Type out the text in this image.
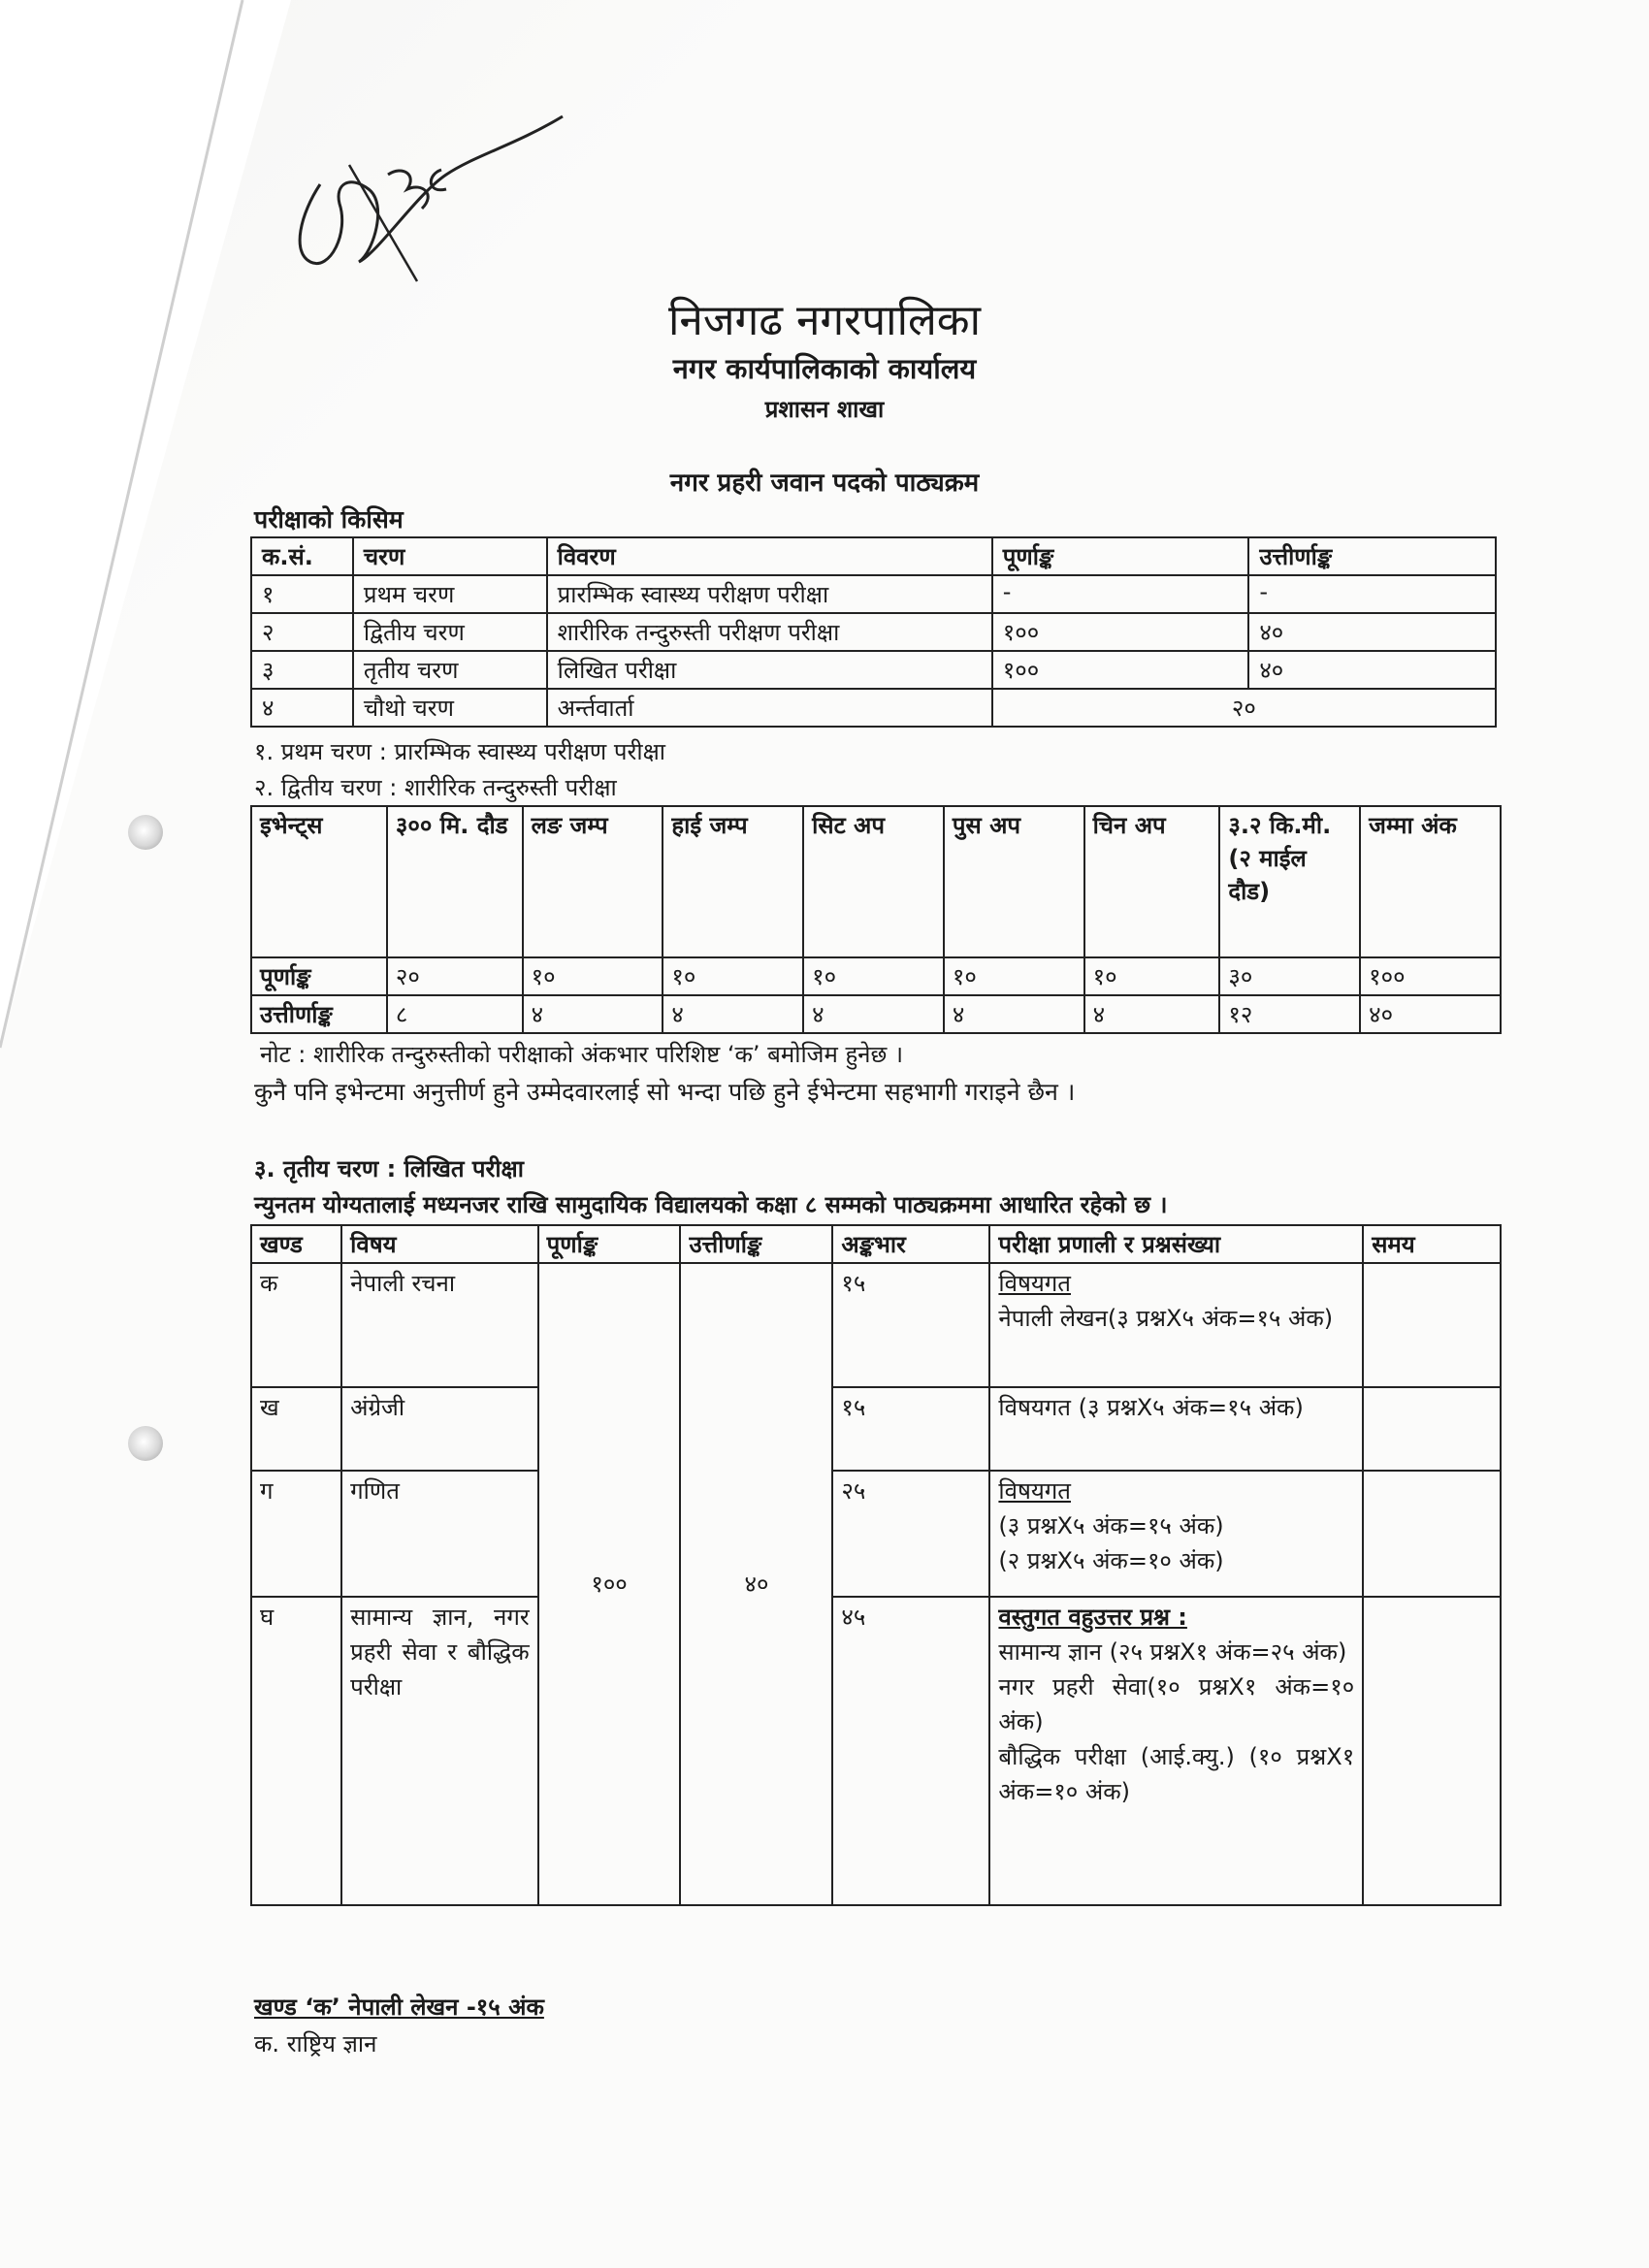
निजगढ नगरपालिका
नगर कार्यपालिकाको कार्यालय
प्रशासन शाखा
नगर प्रहरी जवान पदको पाठ्यक्रम
परीक्षाको किसिम
क.सं.	चरण	विवरण	पूर्णाङ्क	उत्तीर्णाङ्क
१	प्रथम चरण	प्रारम्भिक स्वास्थ्य परीक्षण परीक्षा	-	-
२	द्वितीय चरण	शारीरिक तन्दुरुस्ती परीक्षण परीक्षा	१००	४०
३	तृतीय चरण	लिखित परीक्षा	१००	४०
४	चौथो चरण	अर्न्तवार्ता	२०	
१. प्रथम चरण : प्रारम्भिक स्वास्थ्य परीक्षण परीक्षा
२. द्वितीय चरण : शारीरिक तन्दुरुस्ती परीक्षा
इभेन्ट्स	३०० मि. दौड	लङ जम्प	हाई जम्प	सिट अप	पुस अप	चिन अप	३.२ कि.मी.(२ माईल दौड)	जम्मा अंक
पूर्णाङ्क	२०	१०	१०	१०	१०	१०	३०	१००
उत्तीर्णाङ्क	८	४	४	४	४	४	१२	४०
नोट : शारीरिक तन्दुरुस्तीको परीक्षाको अंकभार परिशिष्ट ‘क’ बमोजिम हुनेछ ।
कुनै पनि इभेन्टमा अनुत्तीर्ण हुने उम्मेदवारलाई सो भन्दा पछि हुने ईभेन्टमा सहभागी गराइने छैन ।
३. तृतीय चरण : लिखित परीक्षा
न्युनतम योग्यतालाई मध्यनजर राखि सामुदायिक विद्यालयको कक्षा ८ सम्मको पाठ्यक्रममा आधारित रहेको छ ।
खण्ड	विषय	पूर्णाङ्क	उत्तीर्णाङ्क	अङ्कभार	परीक्षा प्रणाली र प्रश्नसंख्या	समय
क	नेपाली रचना	१००	४०	१५	विषयगत
नेपाली लेखन(३ प्रश्नX५ अंक=१५ अंक)	

ख	अंग्रेजी			१५	विषयगत (३ प्रश्नX५ अंक=१५ अंक)	

ग	गणित			२५	विषयगत
(३ प्रश्नX५ अंक=१५ अंक)
(२ प्रश्नX५ अंक=१० अंक)	

घ	सामान्य ज्ञान, नगर प्रहरी सेवा र बौद्धिक परीक्षा			४५	वस्तुगत वहुउत्तर प्रश्न :
सामान्य ज्ञान (२५ प्रश्नX१ अंक=२५ अंक)
नगर प्रहरी सेवा(१० प्रश्नX१ अंक=१० अंक)
बौद्धिक परीक्षा (आई.क्यु.) (१० प्रश्नX१ अंक=१० अंक)	

खण्ड ‘क’ नेपाली लेखन -१५ अंक
क. राष्ट्रिय ज्ञान
